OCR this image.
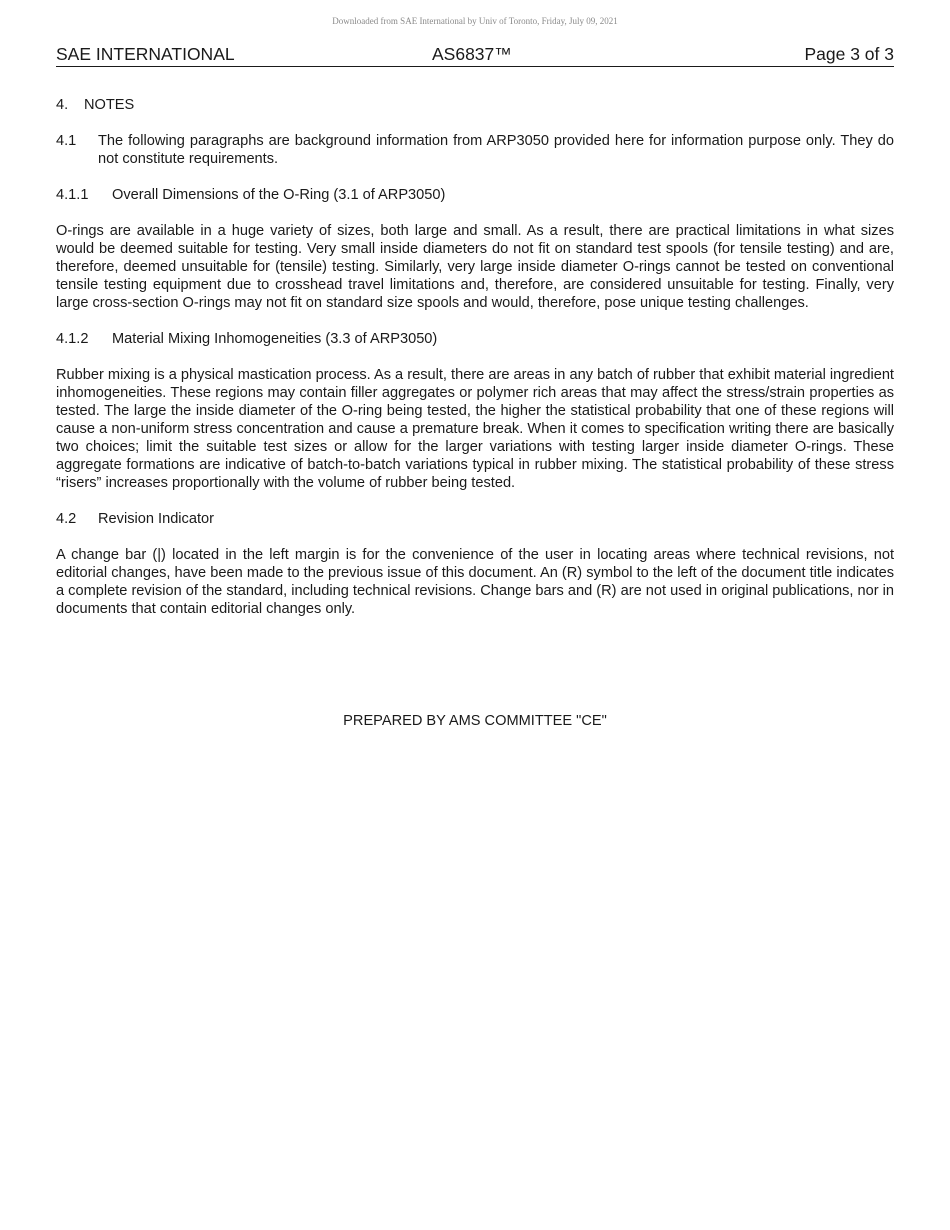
Downloaded from SAE International by Univ of Toronto, Friday, July 09, 2021
SAE INTERNATIONAL	AS6837™	Page 3 of 3
4. NOTES
4.1	The following paragraphs are background information from ARP3050 provided here for information purpose only. They do not constitute requirements.
4.1.1	Overall Dimensions of the O-Ring (3.1 of ARP3050)

O-rings are available in a huge variety of sizes, both large and small. As a result, there are practical limitations in what sizes would be deemed suitable for testing. Very small inside diameters do not fit on standard test spools (for tensile testing) and are, therefore, deemed unsuitable for (tensile) testing. Similarly, very large inside diameter O-rings cannot be tested on conventional tensile testing equipment due to crosshead travel limitations and, therefore, are considered unsuitable for testing. Finally, very large cross-section O-rings may not fit on standard size spools and would, therefore, pose unique testing challenges.

4.1.2	Material Mixing Inhomogeneities (3.3 of ARP3050)

Rubber mixing is a physical mastication process. As a result, there are areas in any batch of rubber that exhibit material ingredient inhomogeneities. These regions may contain filler aggregates or polymer rich areas that may affect the stress/strain properties as tested. The large the inside diameter of the O-ring being tested, the higher the statistical probability that one of these regions will cause a non-uniform stress concentration and cause a premature break. When it comes to specification writing there are basically two choices; limit the suitable test sizes or allow for the larger variations with testing larger inside diameter O-rings. These aggregate formations are indicative of batch-to-batch variations typical in rubber mixing. The statistical probability of these stress “risers” increases proportionally with the volume of rubber being tested.

4.2	Revision Indicator

A change bar (|) located in the left margin is for the convenience of the user in locating areas where technical revisions, not editorial changes, have been made to the previous issue of this document. An (R) symbol to the left of the document title indicates a complete revision of the standard, including technical revisions. Change bars and (R) are not used in original publications, nor in documents that contain editorial changes only.

PREPARED BY AMS COMMITTEE "CE"
